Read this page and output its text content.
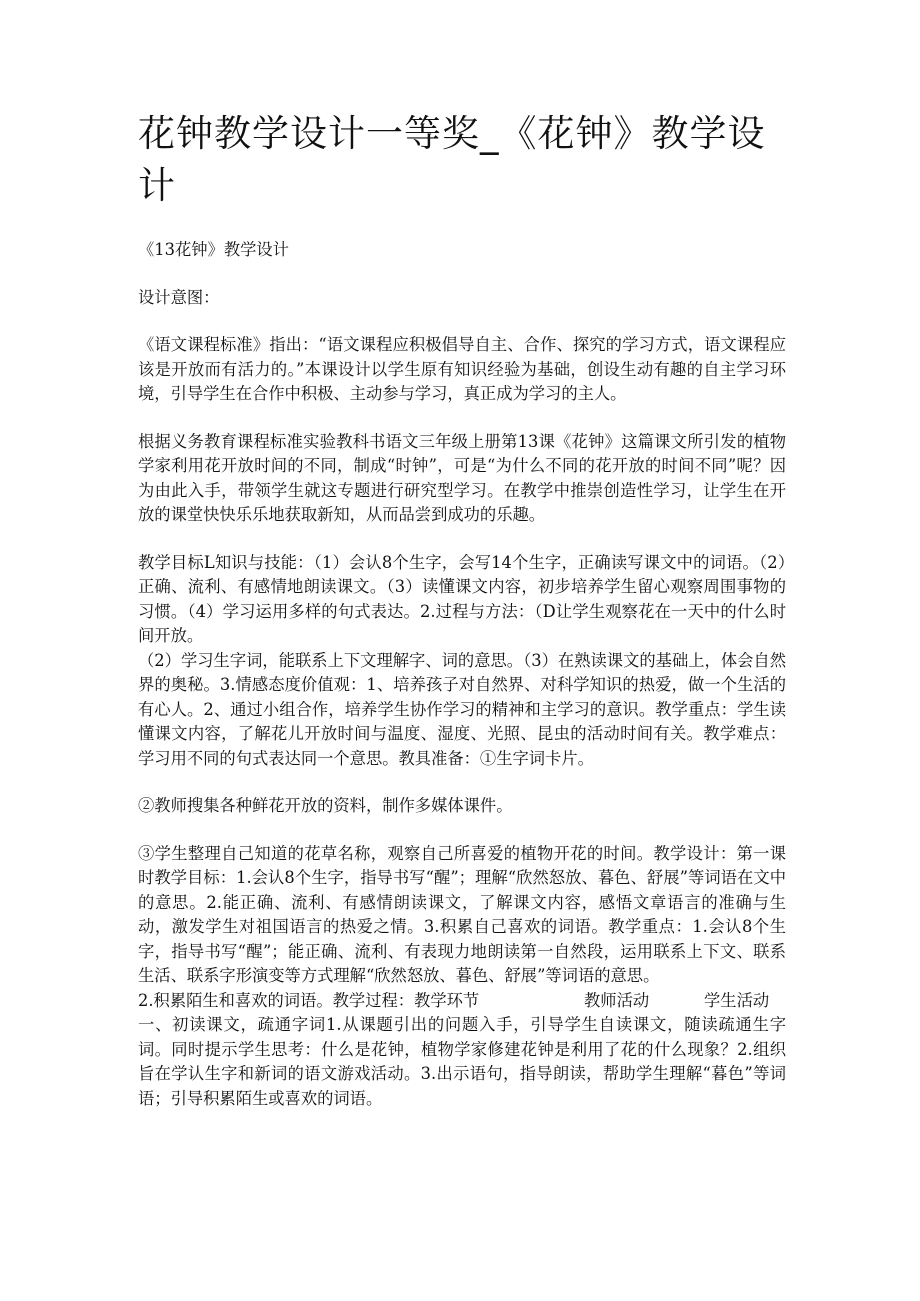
花钟教学设计一等奖_《花钟》教学设计

《13花钟》教学设计

设计意图：

《语文课程标准》指出：“语文课程应积极倡导自主、合作、探究的学习方式，语文课程应该是开放而有活力的。”本课设计以学生原有知识经验为基础，创设生动有趣的自主学习环境，引导学生在合作中积极、主动参与学习，真正成为学习的主人。

根据义务教育课程标准实验教科书语文三年级上册第13课《花钟》这篇课文所引发的植物学家利用花开放时间的不同，制成“时钟”，可是“为什么不同的花开放的时间不同”呢？因为由此入手，带领学生就这专题进行研究型学习。在教学中推崇创造性学习，让学生在开放的课堂快快乐乐地获取新知，从而品尝到成功的乐趣。

教学目标L知识与技能：（1）会认8个生字，会写14个生字，正确读写课文中的词语。（2）正确、流利、有感情地朗读课文。（3）读懂课文内容，初步培养学生留心观察周围事物的习惯。（4）学习运用多样的句式表达。2.过程与方法：（D让学生观察花在一天中的什么时间开放。

（2）学习生字词，能联系上下文理解字、词的意思。（3）在熟读课文的基础上，体会自然界的奥秘。3.情感态度价值观：1、培养孩子对自然界、对科学知识的热爱，做一个生活的有心人。2、通过小组合作，培养学生协作学习的精神和主学习的意识。教学重点：学生读懂课文内容，了解花儿开放时间与温度、湿度、光照、昆虫的活动时间有关。教学难点：学习用不同的句式表达同一个意思。教具准备：①生字词卡片。

②教师搜集各种鲜花开放的资料，制作多媒体课件。

③学生整理自己知道的花草名称，观察自己所喜爱的植物开花的时间。教学设计：第一课时教学目标：1.会认8个生字，指导书写“醒”；理解“欣然怒放、暮色、舒展”等词语在文中的意思。2.能正确、流利、有感情朗读课文，了解课文内容，感悟文章语言的准确与生动，激发学生对祖国语言的热爱之情。3.积累自己喜欢的词语。教学重点：1.会认8个生字，指导书写“醒”；能正确、流利、有表现力地朗读第一自然段，运用联系上下文、联系生活、联系字形演变等方式理解“欣然怒放、暮色、舒展”等词语的意思。

2.积累陌生和喜欢的词语。教学过程：教学环节	教师活动	学生活动

一、初读课文，疏通字词1.从课题引出的问题入手，引导学生自读课文，随读疏通生字词。同时提示学生思考：什么是花钟，植物学家修建花钟是利用了花的什么现象？2.组织旨在学认生字和新词的语文游戏活动。3.出示语句，指导朗读，帮助学生理解“暮色”等词语；引导积累陌生或喜欢的词语。
